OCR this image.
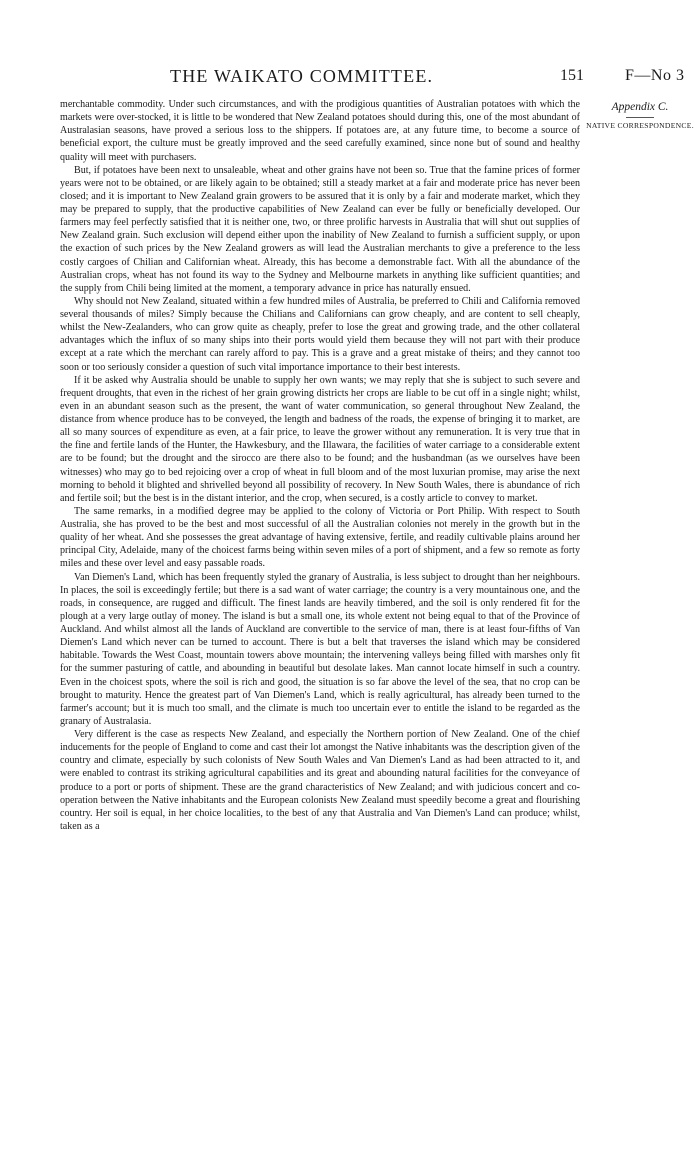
THE WAIKATO COMMITTEE.	151	F—No 3
Appendix C.
NATIVE CORRESPONDENCE.

merchantable commodity. Under such circumstances, and with the prodigious quantities of Australian potatoes with which the markets were over-stocked, it is little to be wondered that New Zealand potatoes should during this, one of the most abundant of Australasian seasons, have proved a serious loss to the shippers. If potatoes are, at any future time, to become a source of beneficial export, the culture must be greatly improved and the seed carefully examined, since none but of sound and healthy quality will meet with purchasers.

But, if potatoes have been next to unsaleable, wheat and other grains have not been so. True that the famine prices of former years were not to be obtained, or are likely again to be obtained; still a steady market at a fair and moderate price has never been closed; and it is important to New Zealand grain growers to be assured that it is only by a fair and moderate market, which they may be prepared to supply, that the productive capabilities of New Zealand can ever be fully or beneficially developed. Our farmers may feel perfectly satisfied that it is neither one, two, or three prolific harvests in Australia that will shut out supplies of New Zealand grain. Such exclusion will depend either upon the inability of New Zealand to furnish a sufficient supply, or upon the exaction of such prices by the New Zealand growers as will lead the Australian merchants to give a preference to the less costly cargoes of Chilian and Californian wheat. Already, this has become a demonstrable fact. With all the abundance of the Australian crops, wheat has not found its way to the Sydney and Melbourne markets in anything like sufficient quantities; and the supply from Chili being limited at the moment, a temporary advance in price has naturally ensued.

Why should not New Zealand, situated within a few hundred miles of Australia, be preferred to Chili and California removed several thousands of miles? Simply because the Chilians and Californians can grow cheaply, and are content to sell cheaply, whilst the New-Zealanders, who can grow quite as cheaply, prefer to lose the great and growing trade, and the other collateral advantages which the influx of so many ships into their ports would yield them because they will not part with their produce except at a rate which the merchant can rarely afford to pay. This is a grave and a great mistake of theirs; and they cannot too soon or too seriously consider a question of such vital importance importance to their best interests.

If it be asked why Australia should be unable to supply her own wants; we may reply that she is subject to such severe and frequent droughts, that even in the richest of her grain growing districts her crops are liable to be cut off in a single night; whilst, even in an abundant season such as the present, the want of water communication, so general throughout New Zealand, the distance from whence produce has to be conveyed, the length and badness of the roads, the expense of bringing it to market, are all so many sources of expenditure as even, at a fair price, to leave the grower without any remuneration. It is very true that in the fine and fertile lands of the Hunter, the Hawkesbury, and the Illawara, the facilities of water carriage to a considerable extent are to be found; but the drought and the sirocco are there also to be found; and the husbandman (as we ourselves have been witnesses) who may go to bed rejoicing over a crop of wheat in full bloom and of the most luxurian promise, may arise the next morning to behold it blighted and shrivelled beyond all possibility of recovery. In New South Wales, there is abundance of rich and fertile soil; but the best is in the distant interior, and the crop, when secured, is a costly article to convey to market.

The same remarks, in a modified degree may be applied to the colony of Victoria or Port Philip. With respect to South Australia, she has proved to be the best and most successful of all the Australian colonies not merely in the growth but in the quality of her wheat. And she possesses the great advantage of having extensive, fertile, and readily cultivable plains around her principal City, Adelaide, many of the choicest farms being within seven miles of a port of shipment, and a few so remote as forty miles and these over level and easy passable roads.

Van Diemen's Land, which has been frequently styled the granary of Australia, is less subject to drought than her neighbours. In places, the soil is exceedingly fertile; but there is a sad want of water carriage; the country is a very mountainous one, and the roads, in consequence, are rugged and difficult. The finest lands are heavily timbered, and the soil is only rendered fit for the plough at a very large outlay of money. The island is but a small one, its whole extent not being equal to that of the Province of Auckland. And whilst almost all the lands of Auckland are convertible to the service of man, there is at least four-fifths of Van Diemen's Land which never can be turned to account. There is but a belt that traverses the island which may be considered habitable. Towards the West Coast, mountain towers above mountain; the intervening valleys being filled with marshes only fit for the summer pasturing of cattle, and abounding in beautiful but desolate lakes. Man cannot locate himself in such a country. Even in the choicest spots, where the soil is rich and good, the situation is so far above the level of the sea, that no crop can be brought to maturity. Hence the greatest part of Van Diemen's Land, which is really agricultural, has already been turned to the farmer's account; but it is much too small, and the climate is much too uncertain ever to entitle the island to be regarded as the granary of Australasia.

Very different is the case as respects New Zealand, and especially the Northern portion of New Zealand. One of the chief inducements for the people of England to come and cast their lot amongst the Native inhabitants was the description given of the country and climate, especially by such colonists of New South Wales and Van Diemen's Land as had been attracted to it, and were enabled to contrast its striking agricultural capabilities and its great and abounding natural facilities for the conveyance of produce to a port or ports of shipment. These are the grand characteristics of New Zealand; and with judicious concert and co-operation between the Native inhabitants and the European colonists New Zealand must speedily become a great and flourishing country. Her soil is equal, in her choice localities, to the best of any that Australia and Van Diemen's Land can produce; whilst, taken as a
